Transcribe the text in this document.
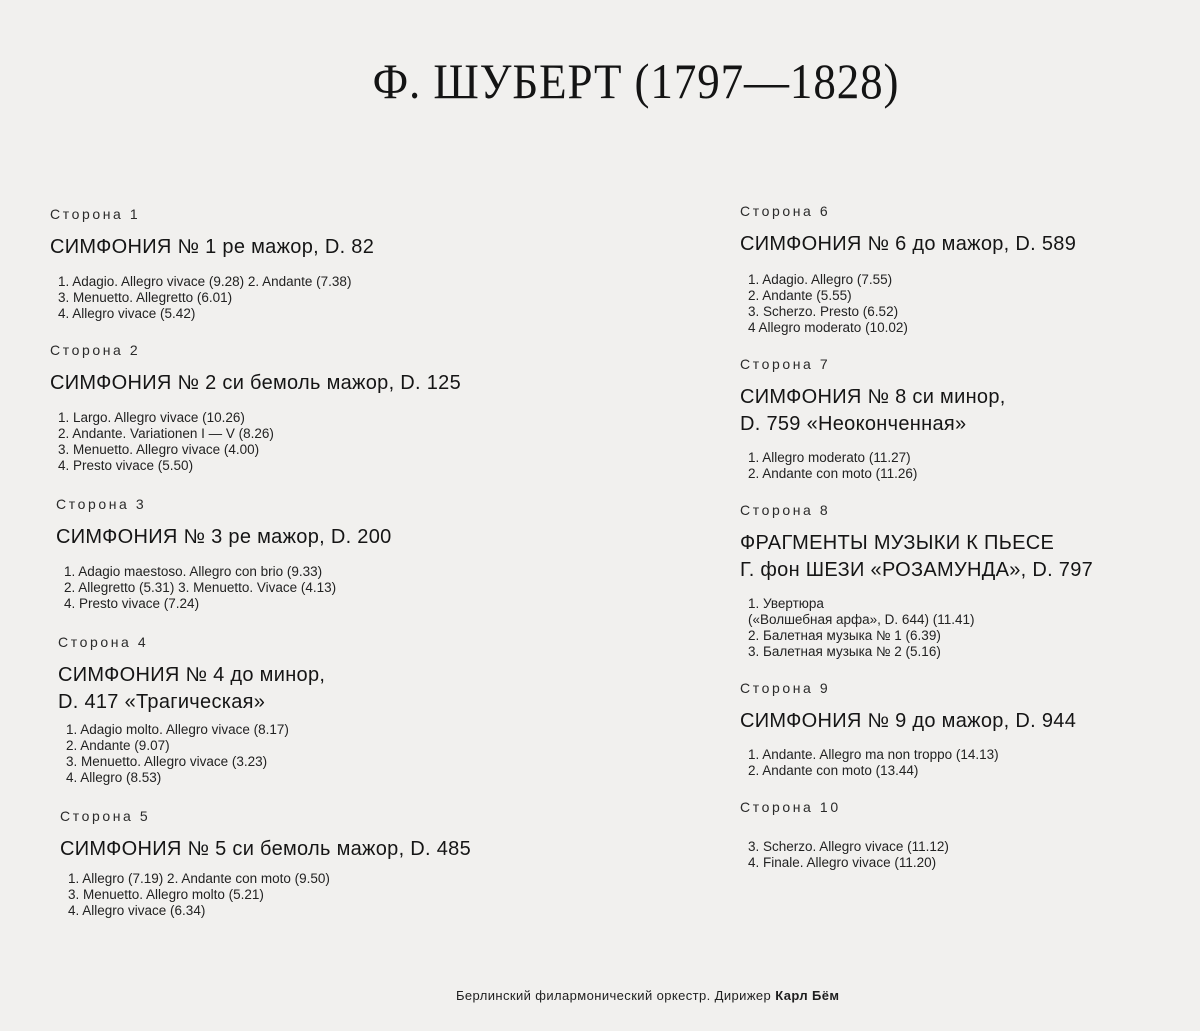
Ф. ШУБЕРТ (1797—1828)
Сторона 1
СИМФОНИЯ № 1 ре мажор, D. 82
1. Adagio. Allegro vivace (9.28) 2. Andante (7.38)
3. Menuetto. Allegretto (6.01)
4. Allegro vivace (5.42)
Сторона 2
СИМФОНИЯ № 2 си бемоль мажор, D. 125
1. Largo. Allegro vivace (10.26)
2. Andante. Variationen I — V (8.26)
3. Menuetto. Allegro vivace (4.00)
4. Presto vivace (5.50)
Сторона 3
СИМФОНИЯ № 3 ре мажор, D. 200
1. Adagio maestoso. Allegro con brio (9.33)
2. Allegretto (5.31) 3. Menuetto. Vivace (4.13)
4. Presto vivace (7.24)
Сторона 4
СИМФОНИЯ № 4 до минор,
D. 417 «Трагическая»
1. Adagio molto. Allegro vivace (8.17)
2. Andante (9.07)
3. Menuetto. Allegro vivace (3.23)
4. Allegro (8.53)
Сторона 5
СИМФОНИЯ № 5 си бемоль мажор, D. 485
1. Allegro (7.19) 2. Andante con moto (9.50)
3. Menuetto. Allegro molto (5.21)
4. Allegro vivace (6.34)
Сторона 6
СИМФОНИЯ № 6 до мажор, D. 589
1. Adagio. Allegro (7.55)
2. Andante (5.55)
3. Scherzo. Presto (6.52)
4 Allegro moderato (10.02)
Сторона 7
СИМФОНИЯ № 8 си минор,
D. 759 «Неоконченная»
1. Allegro moderato (11.27)
2. Andante con moto (11.26)
Сторона 8
ФРАГМЕНТЫ МУЗЫКИ К ПЬЕСЕ
Г. фон ШЕЗИ «РОЗАМУНДА», D. 797
1. Увертюра
(«Волшебная арфа», D. 644) (11.41)
2. Балетная музыка № 1 (6.39)
3. Балетная музыка № 2 (5.16)
Сторона 9
СИМФОНИЯ № 9 до мажор, D. 944
1. Andante. Allegro ma non troppo (14.13)
2. Andante con moto (13.44)
Сторона 10
3. Scherzo. Allegro vivace (11.12)
4. Finale. Allegro vivace (11.20)
Берлинский филармонический оркестр. Дирижер Карл Бём
